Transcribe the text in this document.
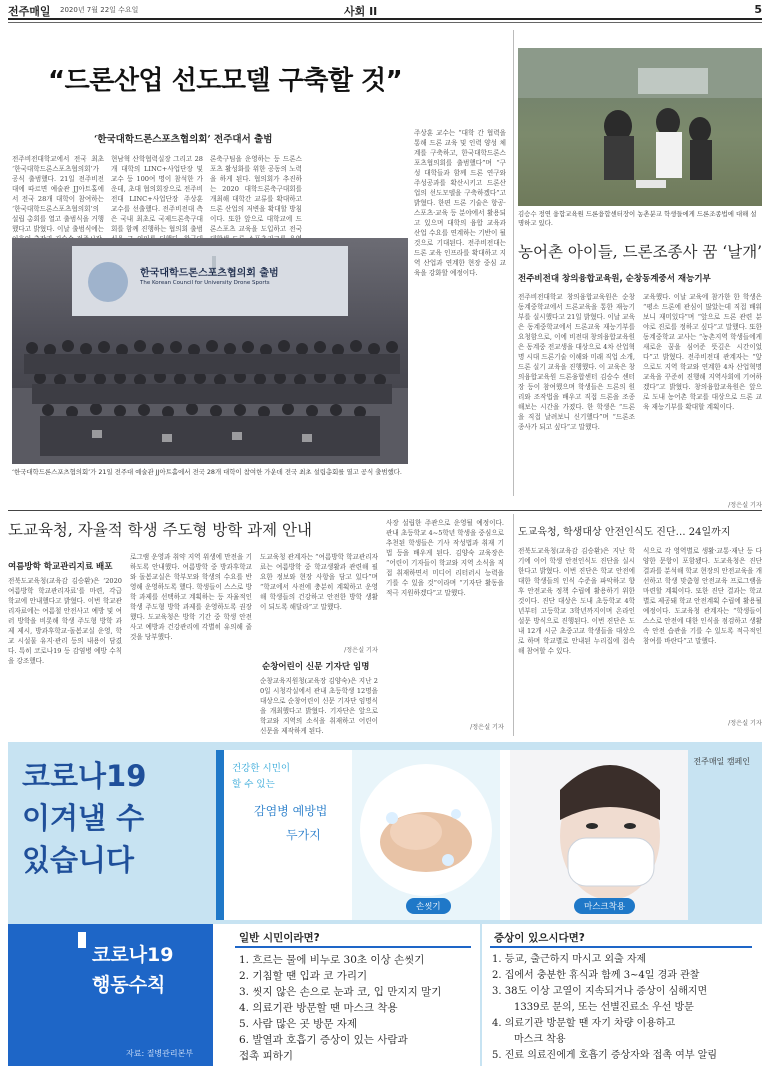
전주매일 2020년 7월 22일 수요일	사회 II	5
“드론산업 선도모델 구축할 것”
‘한국대학드론스포츠협의회’ 전주대서 출범
전주비전대학교에서 전국 최초 ‘한국대학드론스포츠협의회’가 공식 출범했다. 21일 전주비전대에 따르면 예술관 JJ아트홀에서 전국 28개 대학이 참여하는 ‘한국대학드론스포츠협의회’의 설립 총회를 열고 출범식을 거행했다고 밝혔다. 이날 출범식에는
현남혁 산학협력실장 그리고 28개 대학의 LINC+사업단장 및 교수 등 100여 명이 참석한 가운데, 초대 협의회장으로 전주비전대 LINC+사업단장 주상훈 교수를 선출했다. 전주비전대 측은 국내 최초로 국제드론축구대회를 함께 진행하는 협의회 출범
론축구팀을 운영하는 등 드론스포츠 활성화를 위한 공동의 노력을 하게 된다. 협의회가 추진하는 2020 대학드론축구대회를 개최해 대학간 교류를 확대하고 드론 산업의 저변을 확대할 방침이다. 또한 앞으로 대학교에 드론스포츠 교육을 도입하고 전국
주상훈 교수는 “대학 간 협력을 통해 드론 교육 및 인력 양성 체계를 구축하고, 한국대학드론스포츠협의회를 출범했다”며 “구성 대학들과 함께 드론 연구와 주성공과를 확산시키고 드론산업의 선도모델을 구축하겠다”고 밝혔다. 한편 드론 기술은 항공·스포츠·교육 등 분야에서 활용되고 있으며 대학의 융합 교육과 산업 수요를 연계하는 기반이 될 것으로 기대된다. 전주비전대는 드론 교육 인프라를 확대하고 지역 산업과 연계한 현장 중심 교육을 강화할 예정이다.
한국대학드론스포츠협의회 출범
The Korean Council for University Drone Sports
‘한국대학드론스포츠협의회’가 21일 전주대 예술관 JJ아트홀에서 전국 28개 대학이 참여한 가운데 전국 최초 설립총회를 열고 공식 출범했다.
김승수 정연 융합교육원 드론융합센터장이 농촌분교 학생들에게 드론조종법에 대해 설명하고 있다.
농어촌 아이들, 드론조종사 꿈 ‘날개’
전주비전대 창의융합교육원, 순창동계중서 재능기부
전주비전대학교 창의융합교육원은 순창동계중학교에서 드론교육을 통한 재능기부를 실시했다고 21일 밝혔다. 이날 교육은 동계중학교에서 드론교육 재능기부를 요청함으로, 이에 비전대 창의융합교육원은 동계중 전교생을 대상으로 4차 산업혁명 시대 드론기술 이해와 미래 직업 소개, 드론 실기 교육을 진행했다. 이 교육은 창의융합교육원 드론융합센터 김승수 센터장 등이 참여했으며 학생들은 드론의 원리와 조작법을 배우고 직접 드론을 조종해보는 시간을 가졌다. 한 학생은 “드론을 직접 날려보니 신기했다”며 “드론조종사가 되고 싶다”고 말했다.
교육했다. 이날 교육에 참가한 한 학생은 “평소 드론에 관심이 많았는데 직접 배워보니 재미있다”며 “앞으로 드론 관련 분야로 진로를 정하고 싶다”고 말했다. 또한 동계중학교 교사는 “농촌지역 학생들에게 새로운 꿈을 심어준 뜻깊은 시간이었다”고 밝혔다. 전주비전대 관계자는 “앞으로도 지역 학교와 연계한 4차 산업혁명 교육을 꾸준히 진행해 지역사회에 기여하겠다”고 밝혔다. 창의융합교육원은 앞으로 도내 농어촌 학교를 대상으로 드론 교육 재능기부를 확대할 계획이다.
/정은실 기자
도교육청, 자율적 학생 주도형 방학 과제 안내
여름방학 학교관리지료 배포
전북도교육청(교육감 김승환)은 ‘2020 여름방학 학교관리자료’를 마련, 각급 학교에 안내했다고 밝혔다. 이번 학교관리자료에는 여름철 안전사고 예방 및 여러 방학을 비롯해 학생 주도형 방학 과제 제시, 방과후학교·돌봄교실 운영, 학교 시설물 유지·관리 등의 내용이 담겼다. 특히 코로나19 등 감염병 예방 수칙을 강조했다.
로그램 운영과 취약 지역 위생에 만전을 기하도록 안내했다. 여름방학 중 방과후학교와 돌봄교실은 학부모와 학생의 수요를 반영해 운영하도록 했다. 학생들이 스스로 방학 과제를 선택하고 계획하는 등 자율적인 학생 주도형 방학 과제를 운영하도록 권장했다. 도교육청은 방학 기간 중 학생 안전사고 예방과 건강관리에 각별히 유의해 줄 것을 당부했다.
도교육청 관계자는 “여름방학 학교관리자료는 여름방학 중 학교생활과 관련해 필요한 정보와 현장 사항을 담고 있다”며 “학교에서 사전에 충분히 계획하고 운영해 학생들의 건강하고 안전한 방학 생활이 되도록 해달라”고 말했다.
/정은실 기자
순창어린이 신문 기자단 임명
순창교육지원청(교육장 김양숙)은 지난 20일 시청각실에서 관내 초등학생 12명을 대상으로 순창어린이 신문 기자단 임명식을 개최했다고 밝혔다. 기자단은 앞으로 학교와 지역의 소식을 취재하고 어린이 신문을 제작하게 된다.
사장 설립한 주관으로 운영될 예정이다. 관내 초등학교 4~5학년 학생을 중심으로 추천된 학생들은 기사 작성법과 취재 기법 등을 배우게 된다. 김양숙 교육장은 “어린이 기자들이 학교와 지역 소식을 직접 취재하면서 미디어 리터러시 능력을 기를 수 있을 것”이라며 “기자단 활동을 적극 지원하겠다”고 말했다.
/정은실 기자
도교육청, 학생대상 안전인식도 진단… 24일까지
전북도교육청(교육감 김승환)은 지난 학기에 이어 학생 안전인식도 진단을 실시한다고 밝혔다. 이번 진단은 학교 안전에 대한 학생들의 인식 수준을 파악하고 향후 안전교육 정책 수립에 활용하기 위한 것이다. 진단 대상은 도내 초등학교 4학년부터 고등학교 3학년까지이며 온라인 설문 방식으로 진행된다. 이번 진단은 도내 12개 시군 초중고교 학생들을 대상으로 하며 학교별로 안내된 누리집에 접속해 참여할 수 있다.
식으로 각 영역별로 생활·교통·재난 등 다양한 문항이 포함됐다. 도교육청은 진단 결과를 분석해 학교 현장의 안전교육을 개선하고 학생 맞춤형 안전교육 프로그램을 마련할 계획이다. 또한 진단 결과는 학교별로 제공돼 학교 안전계획 수립에 활용될 예정이다. 도교육청 관계자는 “학생들이 스스로 안전에 대한 인식을 점검하고 생활 속 안전 습관을 기를 수 있도록 적극적인 참여를 바란다”고 말했다.
/정은실 기자
코로나19
이겨낼 수
있습니다
전주매일 캠페인
건강한 시민이
할 수 있는
감염병 예방법
두가지
손씻기	마스크착용
코로나19
행동수칙
자료: 질병관리본부
일반 시민이라면?
1. 흐르는 물에 비누로 30초 이상 손씻기
2. 기침할 땐 입과 코 가리기
3. 씻지 않은 손으로 눈과 코, 입 만지지 말기
4. 의료기관 방문할 땐 마스크 착용
5. 사람 많은 곳 방문 자제
6. 발열과 호흡기 증상이 있는 사람과
접촉 피하기
증상이 있으시다면?
1. 등교, 출근하지 마시고 외출 자제
2. 집에서 충분한 휴식과 함께 3~4일 경과 관찰
3. 38도 이상 고열이 지속되거나 증상이 심해지면
1339로 문의, 또는 선별진료소 우선 방문
4. 의료기관 방문할 땐 자기 차량 이용하고
마스크 착용
5. 진료 의료진에게 호흡기 증상자와 접촉 여부 알림
